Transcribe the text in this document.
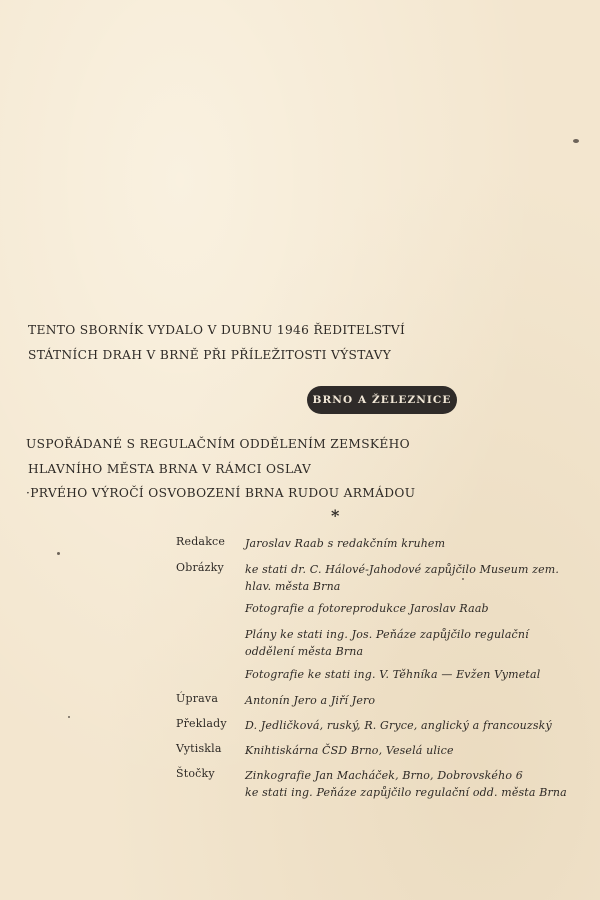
TENTO SBORNÍK VYDALO V DUBNU 1946 ŘEDITELSTVÍ
STÁTNÍCH DRAH V BRNĚ PŘI PŘÍLEŽITOSTI VÝSTAVY
BRNO A ŽELEZNICE
USPOŘÁDANÉ S REGULAČNÍM ODDĚLENÍM ZEMSKÉHO
HLAVNÍHO MĚSTA BRNA V RÁMCI OSLAV
·PRVÉHO VÝROČÍ OSVOBOZENÍ BRNA RUDOU ARMÁDOU
*
Redakce	Jaroslav Raab s redakčním kruhem
Obrázky	ke stati dr. C. Hálové-Jahodové zapůjčilo Museum zem.
hlav. města Brna
Fotografie a fotoreprodukce Jaroslav Raab
Plány ke stati ing. Jos. Peňáze zapůjčilo regulační
oddělení města Brna
Fotografie ke stati ing. V. Těhníka — Evžen Vymetal
Úprava	Antonín Jero a Jiří Jero
Překlady	D. Jedličková, ruský, R. Gryce, anglický a francouzský
Vytiskla	Knihtiskárna ČSD Brno, Veselá ulice
Štočky	Zinkografie Jan Macháček, Brno, Dobrovského 6
ke stati ing. Peňáze zapůjčilo regulační odd. města Brna
